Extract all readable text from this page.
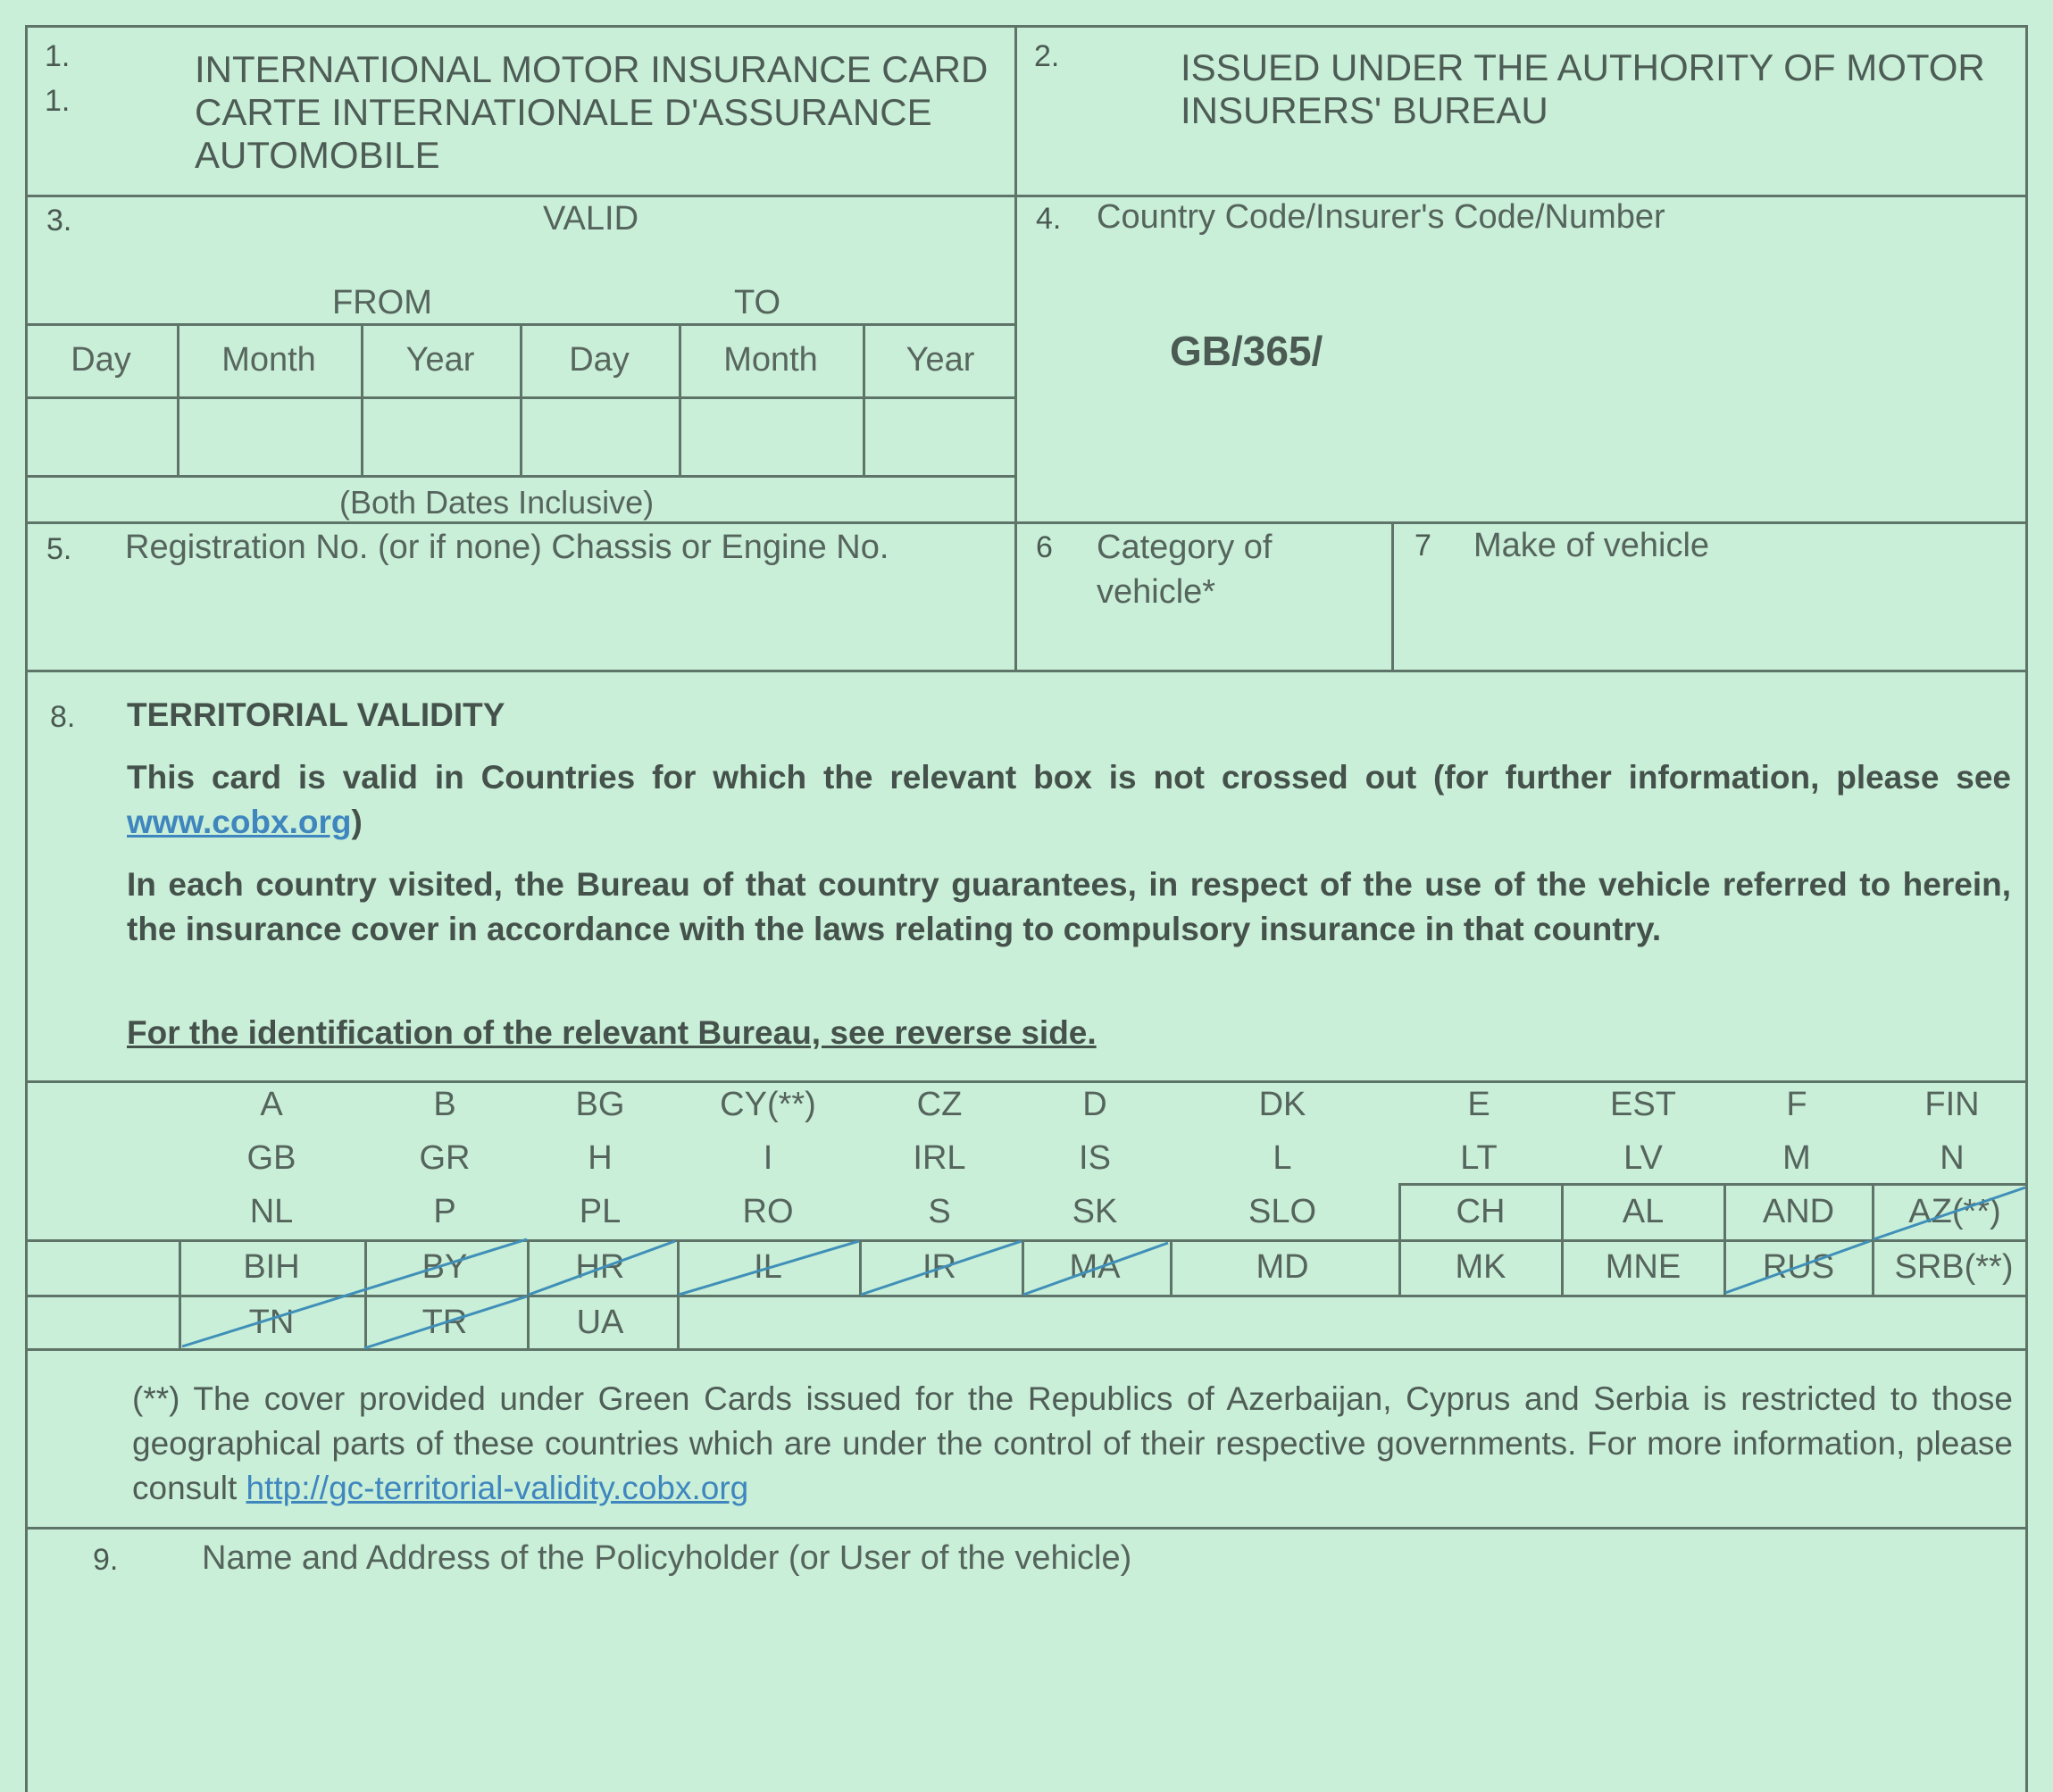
1.
1.
INTERNATIONAL MOTOR INSURANCE CARD
CARTE INTERNATIONALE D'ASSURANCE
AUTOMOBILE
2.	ISSUED UNDER THE AUTHORITY OF MOTOR
INSURERS' BUREAU
3.	VALID
FROM	TO
Day	Month	Year	Day	Month	Year
(Both Dates Inclusive)
4. Country Code/Insurer's Code/Number
GB/365/
5. Registration No. (or if none) Chassis or Engine No.	6 Category of
vehicle*
7 Make of vehicle
8. TERRITORIAL VALIDITY
This card is valid in Countries for which the relevant box is not crossed out (for further information, please see www.cobx.org)
In each country visited, the Bureau of that country guarantees, in respect of the use of the vehicle referred to herein, the insurance cover in accordance with the laws relating to compulsory insurance in that country.
For the identification of the relevant Bureau, see reverse side.
A	B	BG	CY(**)	CZ	D	DK	E	EST	F	FIN
GB	GR	H	I	IRL	IS	L	LT	LV	M	N
NL	P	PL	RO	S	SK	SLO	CH	AL	AND	AZ(**)
BIH	BY	HR	IL	IR	MA	MD	MK	MNE	RUS	SRB(**)
TN	TR	UA
(**) The cover provided under Green Cards issued for the Republics of Azerbaijan, Cyprus and Serbia is restricted to those geographical parts of these countries which are under the control of their respective governments. For more information, please consult http://gc-territorial-validity.cobx.org
9. Name and Address of the Policyholder (or User of the vehicle)
